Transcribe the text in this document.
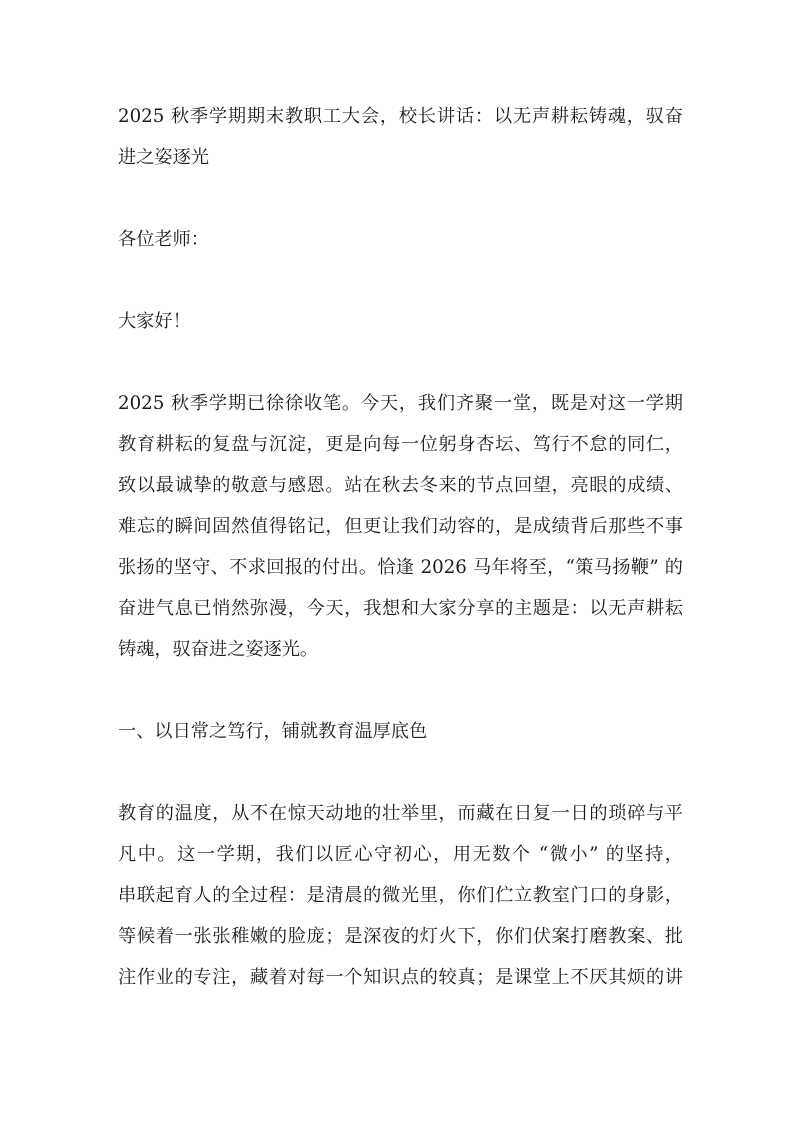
2025 秋季学期期末教职工大会，校长讲话：以无声耕耘铸魂，驭奋
进之姿逐光
各位老师：
大家好！
2025 秋季学期已徐徐收笔。今天，我们齐聚一堂，既是对这一学期
教育耕耘的复盘与沉淀，更是向每一位躬身杏坛、笃行不怠的同仁，
致以最诚挚的敬意与感恩。站在秋去冬来的节点回望，亮眼的成绩、
难忘的瞬间固然值得铭记，但更让我们动容的，是成绩背后那些不事
张扬的坚守、不求回报的付出。恰逢 2026 马年将至，“策马扬鞭” 的
奋进气息已悄然弥漫，今天，我想和大家分享的主题是：以无声耕耘
铸魂，驭奋进之姿逐光。
一、以日常之笃行，铺就教育温厚底色
教育的温度，从不在惊天动地的壮举里，而藏在日复一日的琐碎与平
凡中。这一学期，我们以匠心守初心，用无数个 “微小” 的坚持，
串联起育人的全过程：是清晨的微光里，你们伫立教室门口的身影，
等候着一张张稚嫩的脸庞；是深夜的灯火下，你们伏案打磨教案、批
注作业的专注，藏着对每一个知识点的较真；是课堂上不厌其烦的讲
